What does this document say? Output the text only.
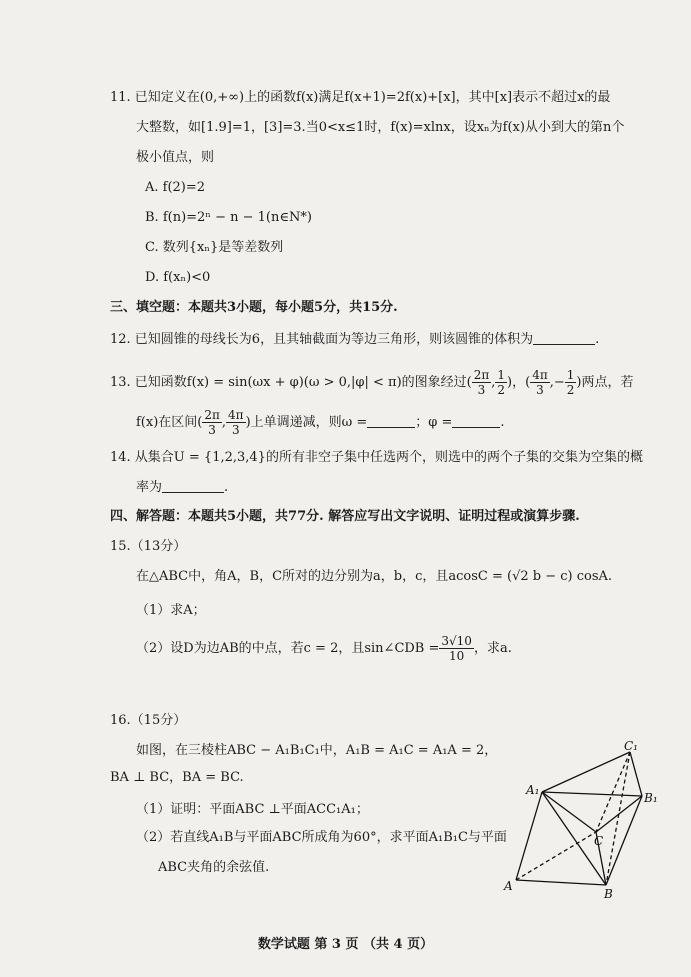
11. 已知定义在(0,+∞)上的函数f(x)满足f(x+1)=2f(x)+[x]，其中[x]表示不超过x的最
大整数，如[1.9]=1，[3]=3.当0<x≤1时，f(x)=xlnx，设xₙ为f(x)从小到大的第n个
极小值点，则
A. f(2)=2
B. f(n)=2ⁿ − n − 1(n∈N*)
C. 数列{xₙ}是等差数列
D. f(xₙ)<0
三、填空题：本题共3小题，每小题5分，共15分.
12. 已知圆锥的母线长为6，且其轴截面为等边三角形，则该圆锥的体积为	.
13. 已知函数f(x) = sin(ωx + φ)(ω > 0,|φ| < π)的图象经过( $\frac{2\pi}{3}$ , $\frac{1}{2}$ )，( $\frac{4\pi}{3}$ ,− $\frac{1}{2}$ )两点，若
f(x)在区间( $\frac{2\pi}{3}$ , $\frac{4\pi}{3}$ )上单调递减，则ω =	；φ =	.
14. 从集合U = {1,2,3,4}的所有非空子集中任选两个，则选中的两个子集的交集为空集的概
率为	.
四、解答题：本题共5小题，共77分. 解答应写出文字说明、证明过程或演算步骤.
15.（13分）
在△ABC中，角A，B，C所对的边分别为a，b，c，且acosC = (√2 b − c) cosA.
（1）求A；
（2）设D为边AB的中点，若c = 2，且sin∠CDB = $\frac{3√10}{10}$ ，求a.
16.（15分）
如图，在三棱柱ABC − A₁B₁C₁中，A₁B = A₁C = A₁A = 2，
BA ⊥ BC，BA = BC.
（1）证明：平面ABC ⊥平面ACC₁A₁；
（2）若直线A₁B与平面ABC所成角为60°，求平面A₁B₁C与平面
ABC夹角的余弦值.
C₁
A₁
B₁
C
A
B
数学试题 第 3 页 （共 4 页）
